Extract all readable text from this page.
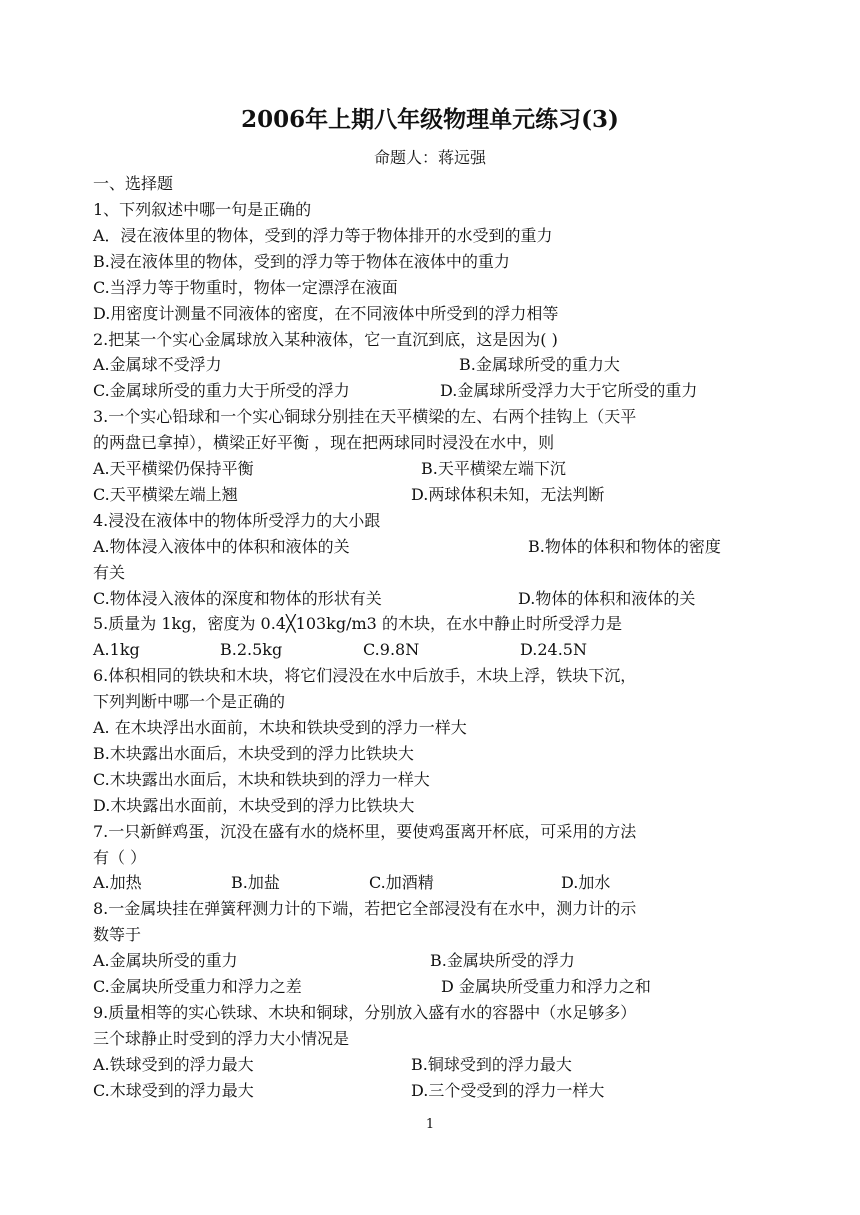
2006年上期八年级物理单元练习(3)
命题人：蒋远强
一、选择题
1、下列叙述中哪一句是正确的
A．浸在液体里的物体，受到的浮力等于物体排开的水受到的重力
B.浸在液体里的物体，受到的浮力等于物体在液体中的重力
C.当浮力等于物重时，物体一定漂浮在液面
D.用密度计测量不同液体的密度，在不同液体中所受到的浮力相等
2.把某一个实心金属球放入某种液体，它一直沉到底，这是因为( )
A.金属球不受浮力	B.金属球所受的重力大
C.金属球所受的重力大于所受的浮力	D.金属球所受浮力大于它所受的重力
3.一个实心铅球和一个实心铜球分别挂在天平横梁的左、右两个挂钩上（天平
的两盘已拿掉），横梁正好平衡 ，现在把两球同时浸没在水中，则
A.天平横梁仍保持平衡	B.天平横梁左端下沉
C.天平横梁左端上翘	D.两球体积未知，无法判断
4.浸没在液体中的物体所受浮力的大小跟
A.物体浸入液体中的体积和液体的关	B.物体的体积和物体的密度
有关
C.物体浸入液体的深度和物体的形状有关	D.物体的体积和液体的关
5.质量为 1kg，密度为 0.4╳103kg/m3 的木块，在水中静止时所受浮力是
A.1kg	B.2.5kg	C.9.8N	D.24.5N
6.体积相同的铁块和木块，将它们浸没在水中后放手，木块上浮，铁块下沉，
下列判断中哪一个是正确的
A. 在木块浮出水面前，木块和铁块受到的浮力一样大
B.木块露出水面后，木块受到的浮力比铁块大
C.木块露出水面后，木块和铁块到的浮力一样大
D.木块露出水面前，木块受到的浮力比铁块大
7.一只新鲜鸡蛋，沉没在盛有水的烧杯里，要使鸡蛋离开杯底，可采用的方法
有（ ）
A.加热	B.加盐	C.加酒精	D.加水
8.一金属块挂在弹簧秤测力计的下端，若把它全部浸没有在水中，测力计的示
数等于
A.金属块所受的重力	B.金属块所受的浮力
C.金属块所受重力和浮力之差	D 金属块所受重力和浮力之和
9.质量相等的实心铁球、木块和铜球，分别放入盛有水的容器中（水足够多）
三个球静止时受到的浮力大小情况是
A.铁球受到的浮力最大	B.铜球受到的浮力最大
C.木球受到的浮力最大	D.三个受受到的浮力一样大
1
